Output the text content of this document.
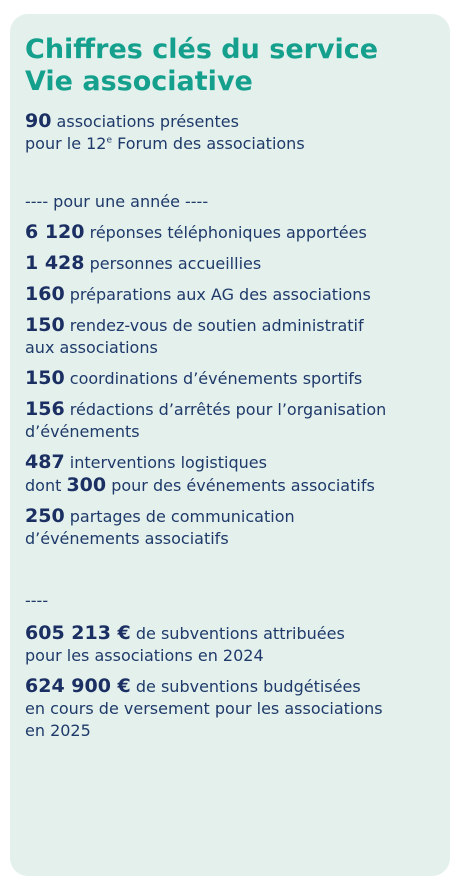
Chiffres clés du service
Vie associative
90 associations présentes
pour le 12e Forum des associations
---- pour une année ----
6 120 réponses téléphoniques apportées
1 428 personnes accueillies
160 préparations aux AG des associations
150 rendez-vous de soutien administratif
aux associations
150 coordinations d’événements sportifs
156 rédactions d’arrêtés pour l’organisation
d’événements
487 interventions logistiques
dont 300 pour des événements associatifs
250 partages de communication
d’événements associatifs
----
605 213 € de subventions attribuées
pour les associations en 2024
624 900 € de subventions budgétisées
en cours de versement pour les associations
en 2025
